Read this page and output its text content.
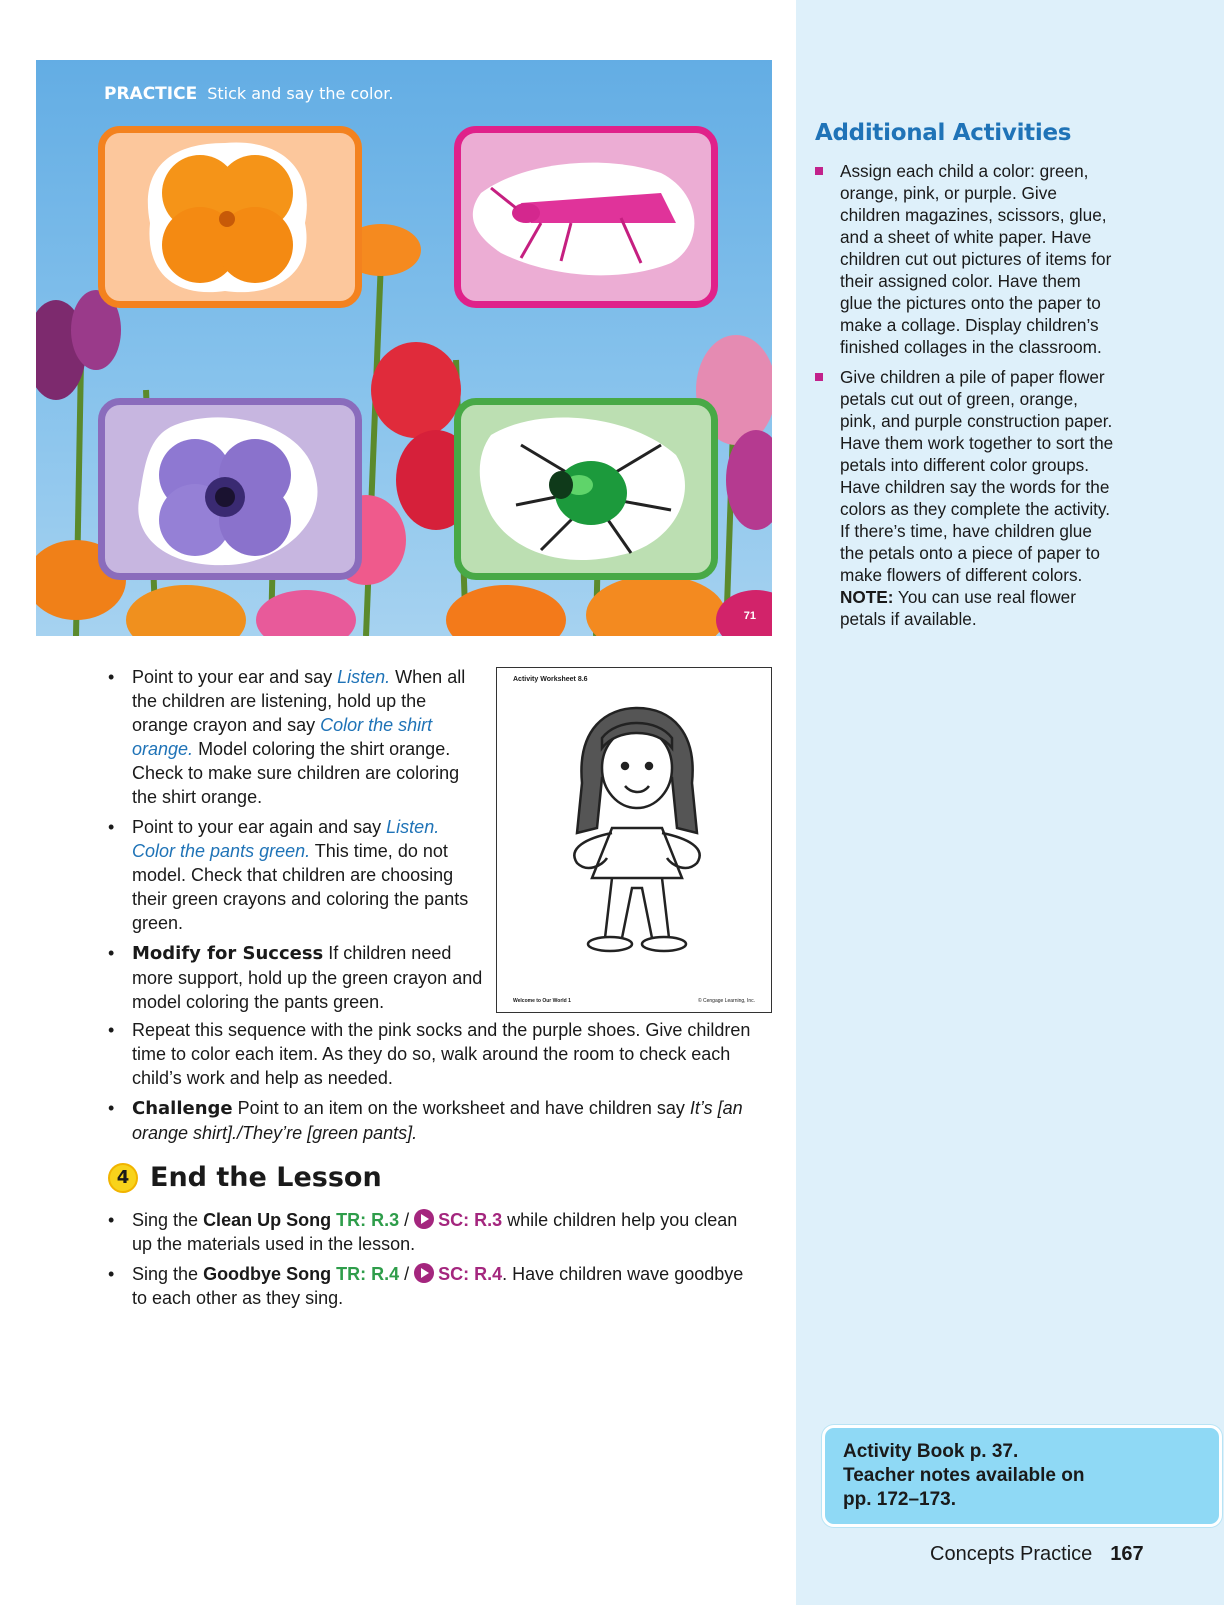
Additional Activities
Assign each child a color: green, orange, pink, or purple. Give children magazines, scissors, glue, and a sheet of white paper. Have children cut out pictures of items for their assigned color. Have them glue the pictures onto the paper to make a collage. Display children’s finished collages in the classroom.
Give children a pile of paper flower petals cut out of green, orange, pink, and purple construction paper. Have them work together to sort the petals into different color groups. Have children say the words for the colors as they complete the activity. If there’s time, have children glue the petals onto a piece of paper to make flowers of different colors. NOTE: You can use real flower petals if available.
Activity Book p. 37.
Teacher notes available on
pp. 172–173.
Concepts Practice 167
PRACTICE Stick and say the color.
71
Activity Worksheet 8.6
Welcome to Our World 1	© Cengage Learning, Inc.
• Point to your ear and say Listen. When all the children are listening, hold up the orange crayon and say Color the shirt orange. Model coloring the shirt orange. Check to make sure children are coloring the shirt orange.
• Point to your ear again and say Listen. Color the pants green. This time, do not model. Check that children are choosing their green crayons and coloring the pants green.
• Modify for Success If children need more support, hold up the green crayon and model coloring the pants green.
• Repeat this sequence with the pink socks and the purple shoes. Give children time to color each item. As they do so, walk around the room to check each child’s work and help as needed.
• Challenge Point to an item on the worksheet and have children say It’s [an orange shirt]./They’re [green pants].
4 End the Lesson
• Sing the Clean Up Song TR: R.3 / SC: R.3 while children help you clean up the materials used in the lesson.
• Sing the Goodbye Song TR: R.4 / SC: R.4. Have children wave goodbye to each other as they sing.
